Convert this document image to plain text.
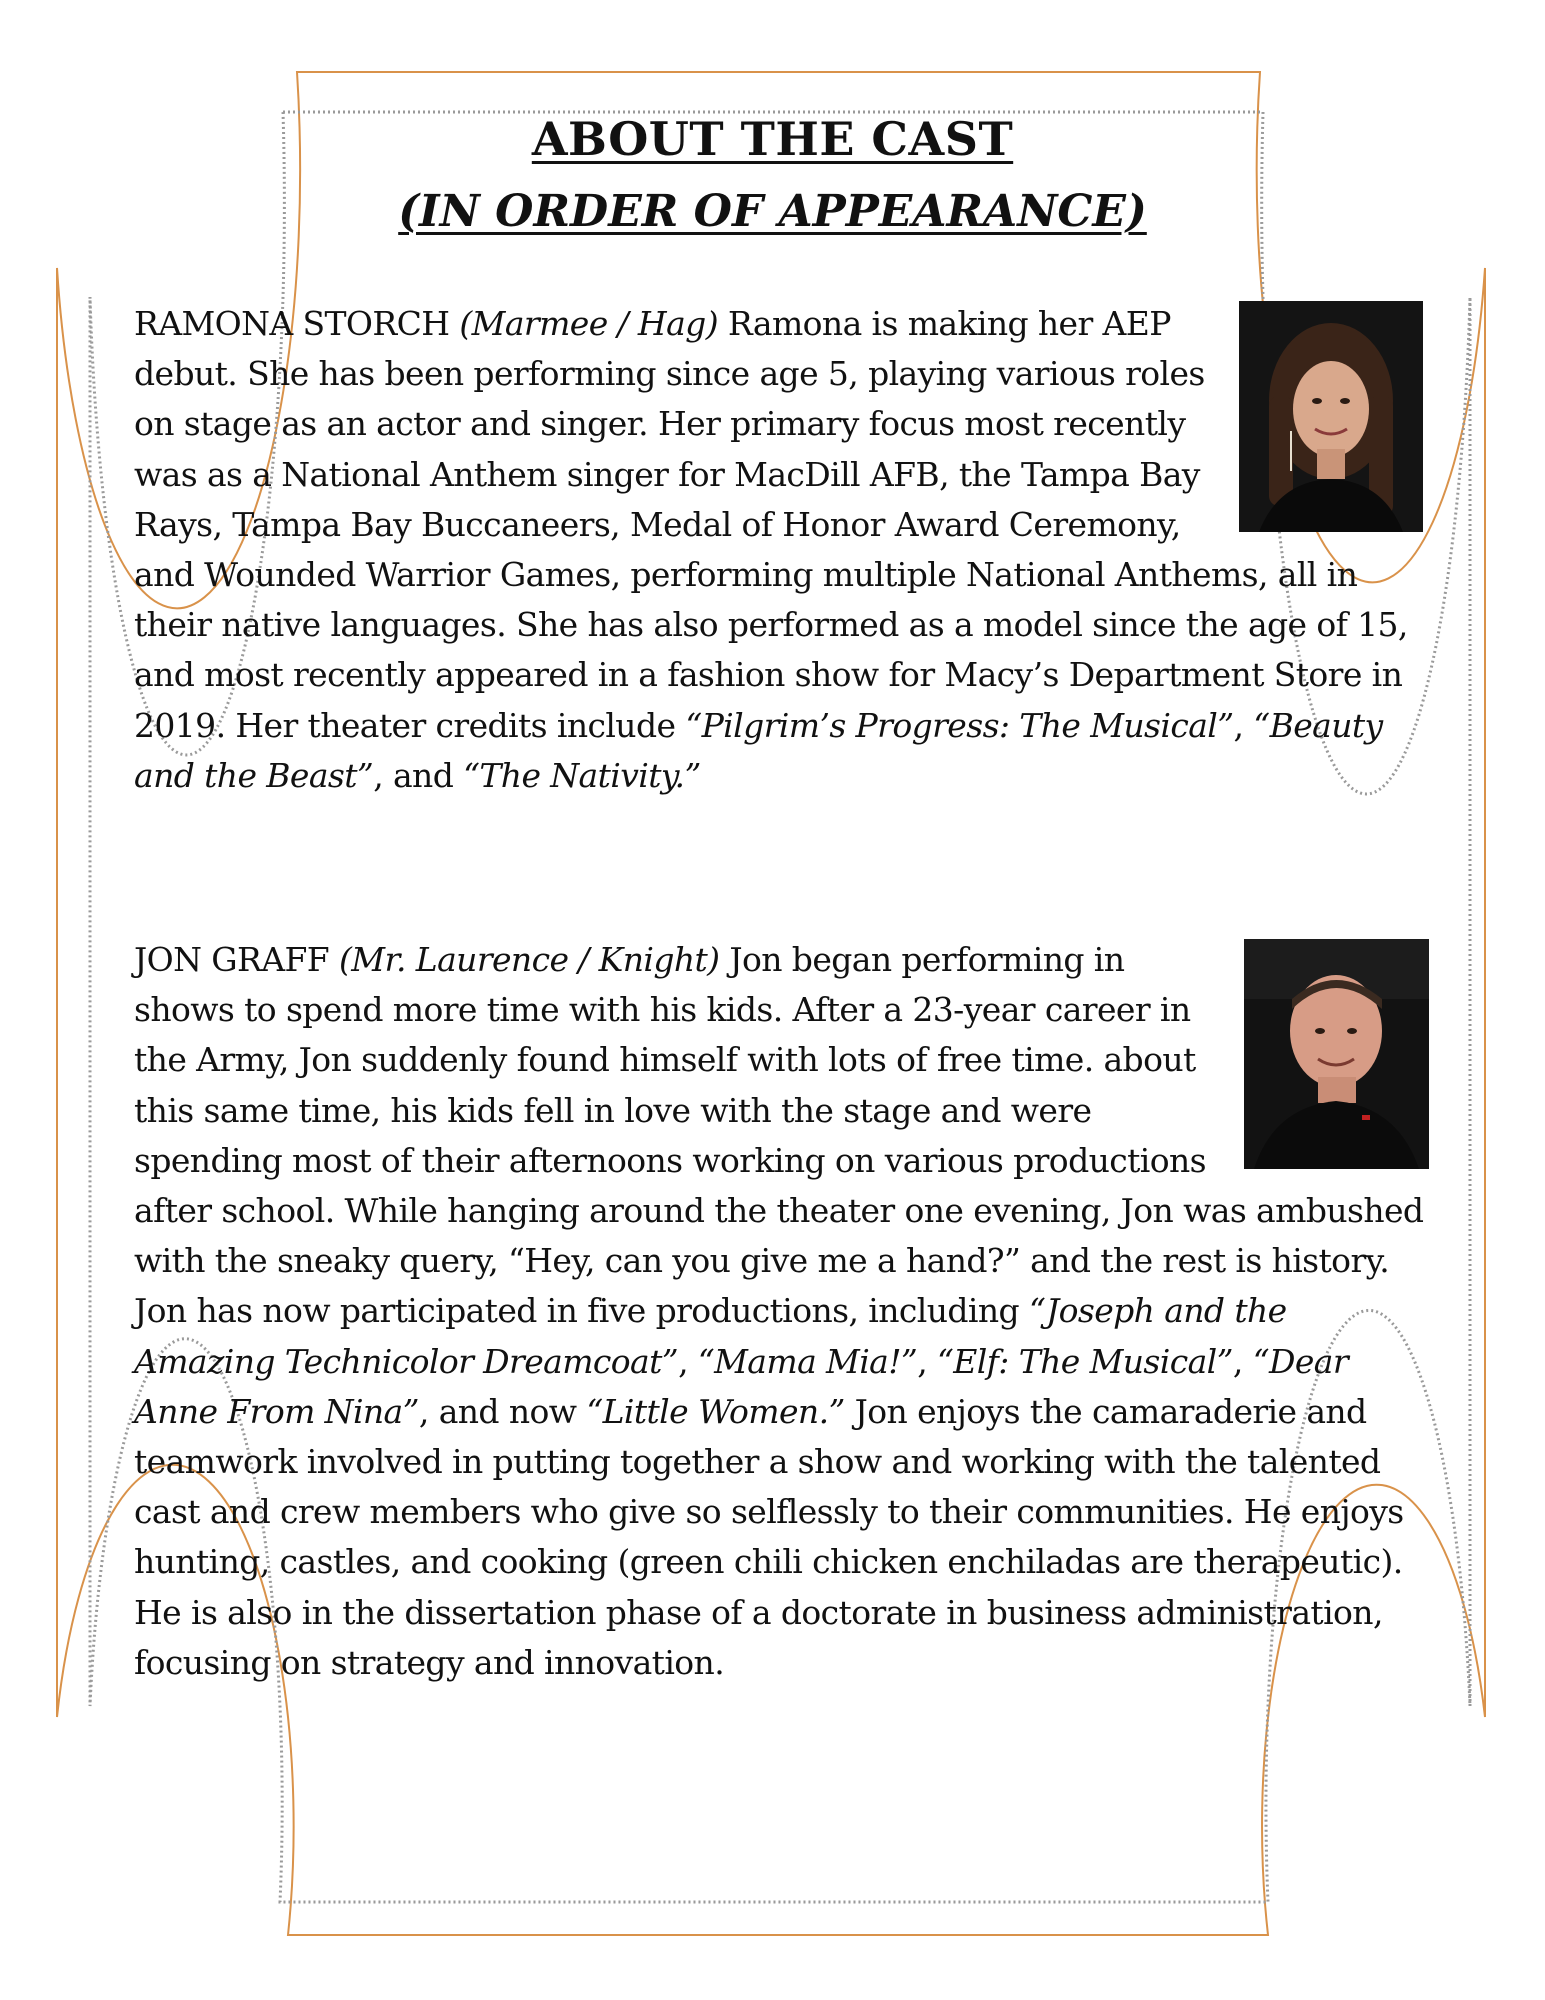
ABOUT THE CAST
(IN ORDER OF APPEARANCE)

RAMONA STORCH (Marmee / Hag) Ramona is making her AEP debut. She has been performing since age 5, playing various roles on stage as an actor and singer. Her primary focus most recently was as a National Anthem singer for MacDill AFB, the Tampa Bay Rays, Tampa Bay Buccaneers, Medal of Honor Award Ceremony, and Wounded Warrior Games, performing multiple National Anthems, all in their native languages. She has also performed as a model since the age of 15, and most recently appeared in a fashion show for Macy’s Department Store in 2019. Her theater credits include “Pilgrim’s Progress: The Musical”, “Beauty and the Beast”, and “The Nativity.”

JON GRAFF (Mr. Laurence / Knight) Jon began performing in shows to spend more time with his kids. After a 23-year career in the Army, Jon suddenly found himself with lots of free time. about this same time, his kids fell in love with the stage and were spending most of their afternoons working on various productions after school. While hanging around the theater one evening, Jon was ambushed with the sneaky query, “Hey, can you give me a hand?” and the rest is history. Jon has now participated in five productions, including “Joseph and the Amazing Technicolor Dreamcoat”, “Mama Mia!”, “Elf: The Musical”, “Dear Anne From Nina”, and now “Little Women.” Jon enjoys the camaraderie and teamwork involved in putting together a show and working with the talented cast and crew members who give so selflessly to their communities. He enjoys hunting, castles, and cooking (green chili chicken enchiladas are therapeutic). He is also in the dissertation phase of a doctorate in business administration, focusing on strategy and innovation.
